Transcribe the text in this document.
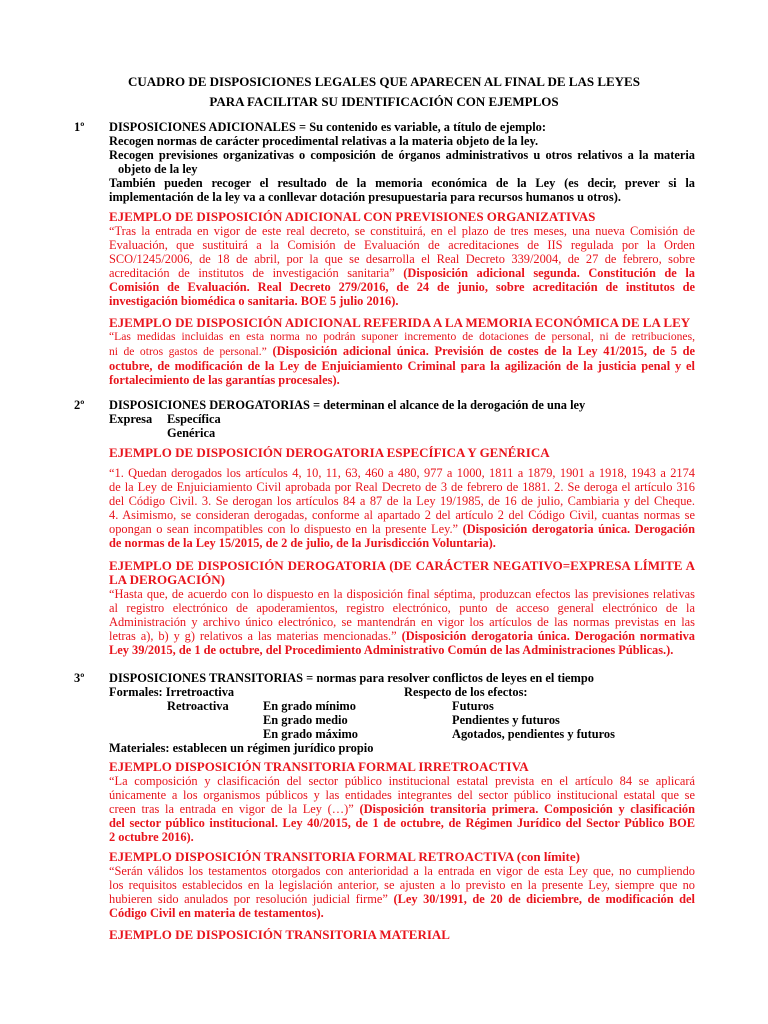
CUADRO DE DISPOSICIONES LEGALES QUE APARECEN AL FINAL DE LAS LEYES
PARA FACILITAR SU IDENTIFICACIÓN CON EJEMPLOS
1º DISPOSICIONES ADICIONALES = Su contenido es variable, a título de ejemplo:
Recogen normas de carácter procedimental relativas a la materia objeto de la ley.
Recogen previsiones organizativas o composición de órganos administrativos u otros relativos a la materia
objeto de la ley
También pueden recoger el resultado de la memoria económica de la Ley (es decir, prever si la
implementación de la ley va a conllevar dotación presupuestaria para recursos humanos u otros).
EJEMPLO DE DISPOSICIÓN ADICIONAL CON PREVISIONES ORGANIZATIVAS
“Tras la entrada en vigor de este real decreto, se constituirá, en el plazo de tres meses, una nueva Comisión de
Evaluación, que sustituirá a la Comisión de Evaluación de acreditaciones de IIS regulada por la Orden
SCO/1245/2006, de 18 de abril, por la que se desarrolla el Real Decreto 339/2004, de 27 de febrero, sobre
acreditación de institutos de investigación sanitaria” (Disposición adicional segunda. Constitución de la
Comisión de Evaluación. Real Decreto 279/2016, de 24 de junio, sobre acreditación de institutos de
investigación biomédica o sanitaria. BOE 5 julio 2016).
EJEMPLO DE DISPOSICIÓN ADICIONAL REFERIDA A LA MEMORIA ECONÓMICA DE LA LEY
“Las medidas incluidas en esta norma no podrán suponer incremento de dotaciones de personal, ni de retribuciones,
ni de otros gastos de personal.” (Disposición adicional única. Previsión de costes de la Ley 41/2015, de 5 de
octubre, de modificación de la Ley de Enjuiciamiento Criminal para la agilización de la justicia penal y el
fortalecimiento de las garantías procesales).
2º DISPOSICIONES DEROGATORIAS = determinan el alcance de la derogación de una ley
Expresa Específica
Genérica
EJEMPLO DE DISPOSICIÓN DEROGATORIA ESPECÍFICA Y GENÉRICA
“1. Quedan derogados los artículos 4, 10, 11, 63, 460 a 480, 977 a 1000, 1811 a 1879, 1901 a 1918, 1943 a 2174
de la Ley de Enjuiciamiento Civil aprobada por Real Decreto de 3 de febrero de 1881. 2. Se deroga el artículo 316
del Código Civil. 3. Se derogan los artículos 84 a 87 de la Ley 19/1985, de 16 de julio, Cambiaria y del Cheque.
4. Asimismo, se consideran derogadas, conforme al apartado 2 del artículo 2 del Código Civil, cuantas normas se
opongan o sean incompatibles con lo dispuesto en la presente Ley.” (Disposición derogatoria única. Derogación
de normas de la Ley 15/2015, de 2 de julio, de la Jurisdicción Voluntaria).
EJEMPLO DE DISPOSICIÓN DEROGATORIA (DE CARÁCTER NEGATIVO=EXPRESA LÍMITE A
LA DEROGACIÓN)
“Hasta que, de acuerdo con lo dispuesto en la disposición final séptima, produzcan efectos las previsiones relativas
al registro electrónico de apoderamientos, registro electrónico, punto de acceso general electrónico de la
Administración y archivo único electrónico, se mantendrán en vigor los artículos de las normas previstas en las
letras a), b) y g) relativos a las materias mencionadas.” (Disposición derogatoria única. Derogación normativa
Ley 39/2015, de 1 de octubre, del Procedimiento Administrativo Común de las Administraciones Públicas.).
3º DISPOSICIONES TRANSITORIAS = normas para resolver conflictos de leyes en el tiempo
Formales: Irretroactiva	Respecto de los efectos:
Retroactiva	En grado mínimo
En grado medio
En grado máximo
Futuros
Pendientes y futuros
Agotados, pendientes y futuros
Materiales: establecen un régimen jurídico propio
EJEMPLO DISPOSICIÓN TRANSITORIA FORMAL IRRETROACTIVA
“La composición y clasificación del sector público institucional estatal prevista en el artículo 84 se aplicará
únicamente a los organismos públicos y las entidades integrantes del sector público institucional estatal que se
creen tras la entrada en vigor de la Ley (…)” (Disposición transitoria primera. Composición y clasificación
del sector público institucional. Ley 40/2015, de 1 de octubre, de Régimen Jurídico del Sector Público BOE
2 octubre 2016).
EJEMPLO DISPOSICIÓN TRANSITORIA FORMAL RETROACTIVA (con límite)
“Serán válidos los testamentos otorgados con anterioridad a la entrada en vigor de esta Ley que, no cumpliendo
los requisitos establecidos en la legislación anterior, se ajusten a lo previsto en la presente Ley, siempre que no
hubieren sido anulados por resolución judicial firme” (Ley 30/1991, de 20 de diciembre, de modificación del
Código Civil en materia de testamentos).
EJEMPLO DE DISPOSICIÓN TRANSITORIA MATERIAL
